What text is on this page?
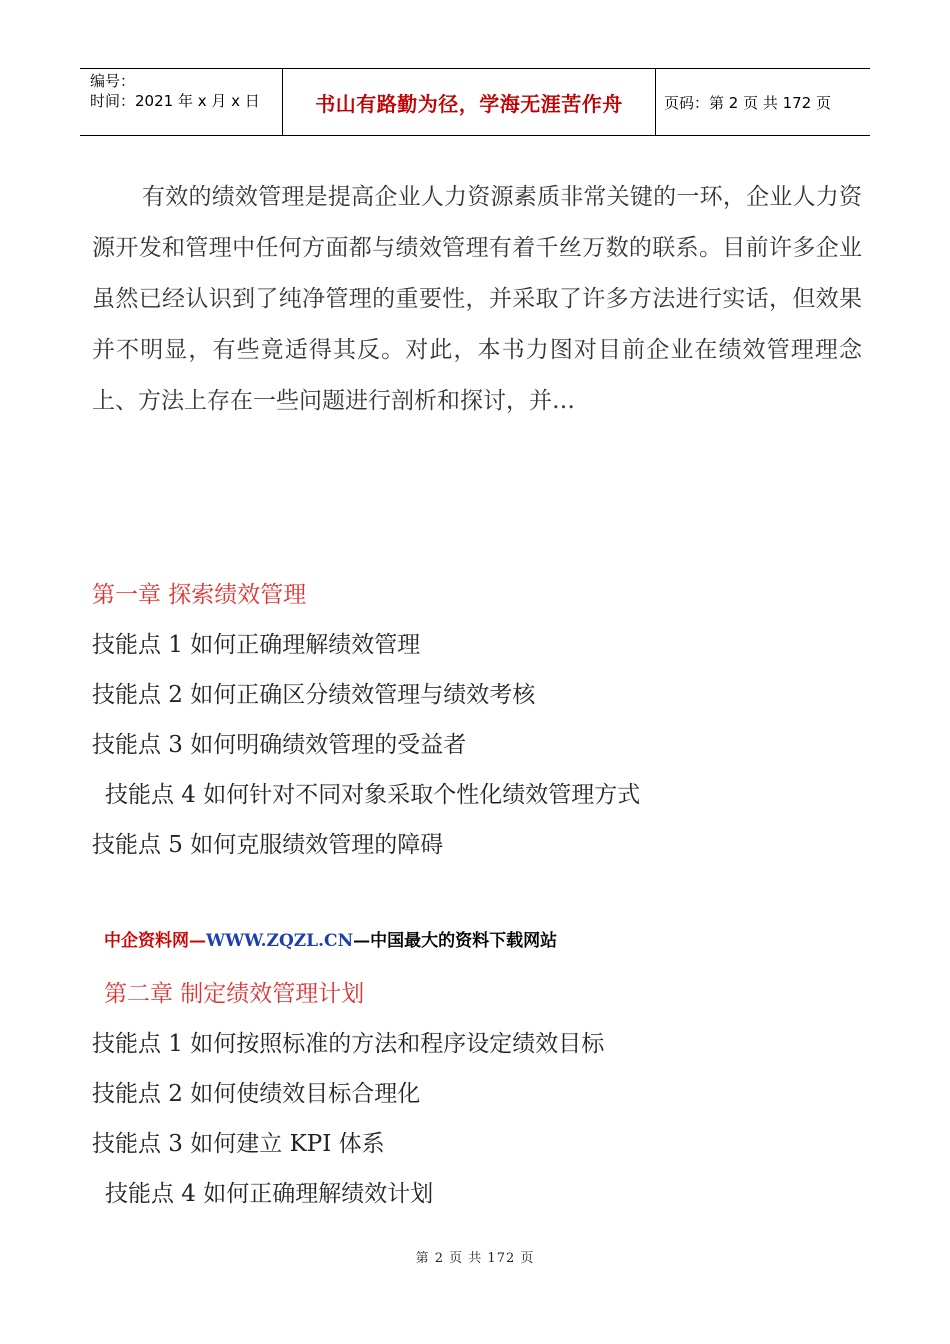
编号：
时间：2021 年 x 月 x 日	书山有路勤为径，学海无涯苦作舟	页码：第 2 页 共 172 页

有效的绩效管理是提高企业人力资源素质非常关键的一环，企业人力资源开发和管理中任何方面都与绩效管理有着千丝万数的联系。目前许多企业虽然已经认识到了纯净管理的重要性，并采取了许多方法进行实话，但效果并不明显，有些竟适得其反。对此，本书力图对目前企业在绩效管理理念上、方法上存在一些问题进行剖析和探讨，并…

第一章 探索绩效管理
技能点 1 如何正确理解绩效管理
技能点 2 如何正确区分绩效管理与绩效考核
技能点 3 如何明确绩效管理的受益者
技能点 4 如何针对不同对象采取个性化绩效管理方式
技能点 5 如何克服绩效管理的障碍
中企资料网—WWW.ZQZL.CN—中国最大的资料下载网站
第二章 制定绩效管理计划
技能点 1 如何按照标准的方法和程序设定绩效目标
技能点 2 如何使绩效目标合理化
技能点 3 如何建立 KPI 体系
技能点 4 如何正确理解绩效计划
第 2 页 共 172 页
